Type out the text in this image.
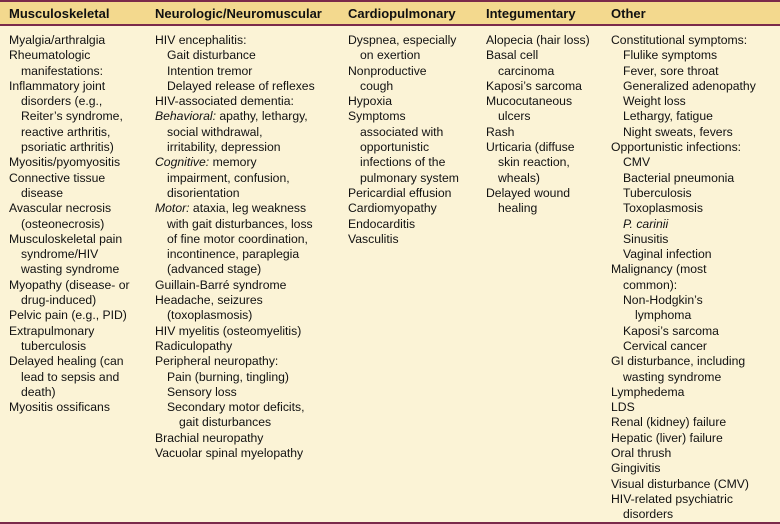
Musculoskeletal	Neurologic/Neuromuscular Cardiopulmonary Integumentary	Other
Myalgia/arthralgia
Rheumatologic
manifestations:
Inflammatory joint
disorders (e.g.,
Reiter’s syndrome,
reactive arthritis,
psoriatic arthritis)
Myositis/pyomyositis
Connective tissue
disease
Avascular necrosis
(osteonecrosis)
Musculoskeletal pain
syndrome/HIV
wasting syndrome
Myopathy (disease- or
drug-induced)
Pelvic pain (e.g., PID)
Extrapulmonary
tuberculosis
Delayed healing (can
lead to sepsis and
death)
Myositis ossificans
HIV encephalitis:
Gait disturbance
Intention tremor
Delayed release of reflexes
HIV-associated dementia:
Behavioral: apathy, lethargy,
social withdrawal,
irritability, depression
Cognitive: memory
impairment, confusion,
disorientation
Motor: ataxia, leg weakness
with gait disturbances, loss
of fine motor coordination,
incontinence, paraplegia
(advanced stage)
Guillain-Barré syndrome
Headache, seizures
(toxoplasmosis)
HIV myelitis (osteomyelitis)
Radiculopathy
Peripheral neuropathy:
Pain (burning, tingling)
Sensory loss
Secondary motor deficits,
gait disturbances
Brachial neuropathy
Vacuolar spinal myelopathy
Dyspnea, especially
on exertion
Nonproductive
cough
Hypoxia
Symptoms
associated with
opportunistic
infections of the
pulmonary system
Pericardial effusion
Cardiomyopathy
Endocarditis
Vasculitis
Alopecia (hair loss)
Basal cell
carcinoma
Kaposi’s sarcoma
Mucocutaneous
ulcers
Rash
Urticaria (diffuse
skin reaction,
wheals)
Delayed wound
healing
Constitutional symptoms:
Flulike symptoms
Fever, sore throat
Generalized adenopathy
Weight loss
Lethargy, fatigue
Night sweats, fevers
Opportunistic infections:
CMV
Bacterial pneumonia
Tuberculosis
Toxoplasmosis
P. carinii
Sinusitis
Vaginal infection
Malignancy (most
common):
Non-Hodgkin’s
lymphoma
Kaposi’s sarcoma
Cervical cancer
GI disturbance, including
wasting syndrome
Lymphedema
LDS
Renal (kidney) failure
Hepatic (liver) failure
Oral thrush
Gingivitis
Visual disturbance (CMV)
HIV-related psychiatric
disorders
